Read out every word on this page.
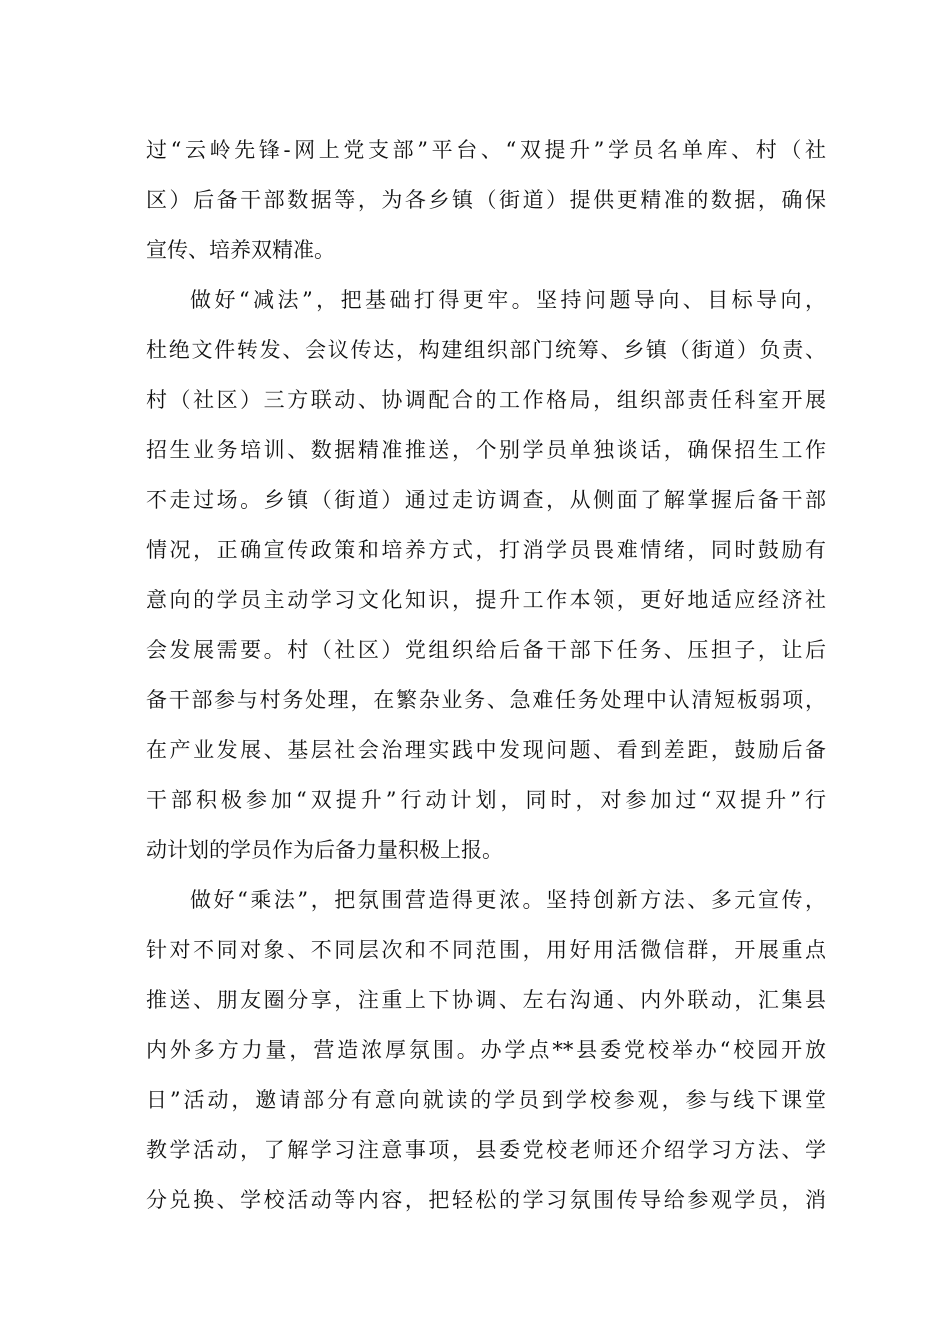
过“云岭先锋-网上党支部”平台、“双提升”学员名单库、村（社
区）后备干部数据等，为各乡镇（街道）提供更精准的数据，确保
宣传、培养双精准。
做好“减法”，把基础打得更牢。坚持问题导向、目标导向，
杜绝文件转发、会议传达，构建组织部门统筹、乡镇（街道）负责、
村（社区）三方联动、协调配合的工作格局，组织部责任科室开展
招生业务培训、数据精准推送，个别学员单独谈话，确保招生工作
不走过场。乡镇（街道）通过走访调查，从侧面了解掌握后备干部
情况，正确宣传政策和培养方式，打消学员畏难情绪，同时鼓励有
意向的学员主动学习文化知识，提升工作本领，更好地适应经济社
会发展需要。村（社区）党组织给后备干部下任务、压担子，让后
备干部参与村务处理，在繁杂业务、急难任务处理中认清短板弱项，
在产业发展、基层社会治理实践中发现问题、看到差距，鼓励后备
干部积极参加“双提升”行动计划，同时，对参加过“双提升”行
动计划的学员作为后备力量积极上报。
做好“乘法”，把氛围营造得更浓。坚持创新方法、多元宣传，
针对不同对象、不同层次和不同范围，用好用活微信群，开展重点
推送、朋友圈分享，注重上下协调、左右沟通、内外联动，汇集县
内外多方力量，营造浓厚氛围。办学点**县委党校举办“校园开放
日”活动，邀请部分有意向就读的学员到学校参观，参与线下课堂
教学活动，了解学习注意事项，县委党校老师还介绍学习方法、学
分兑换、学校活动等内容，把轻松的学习氛围传导给参观学员，消
